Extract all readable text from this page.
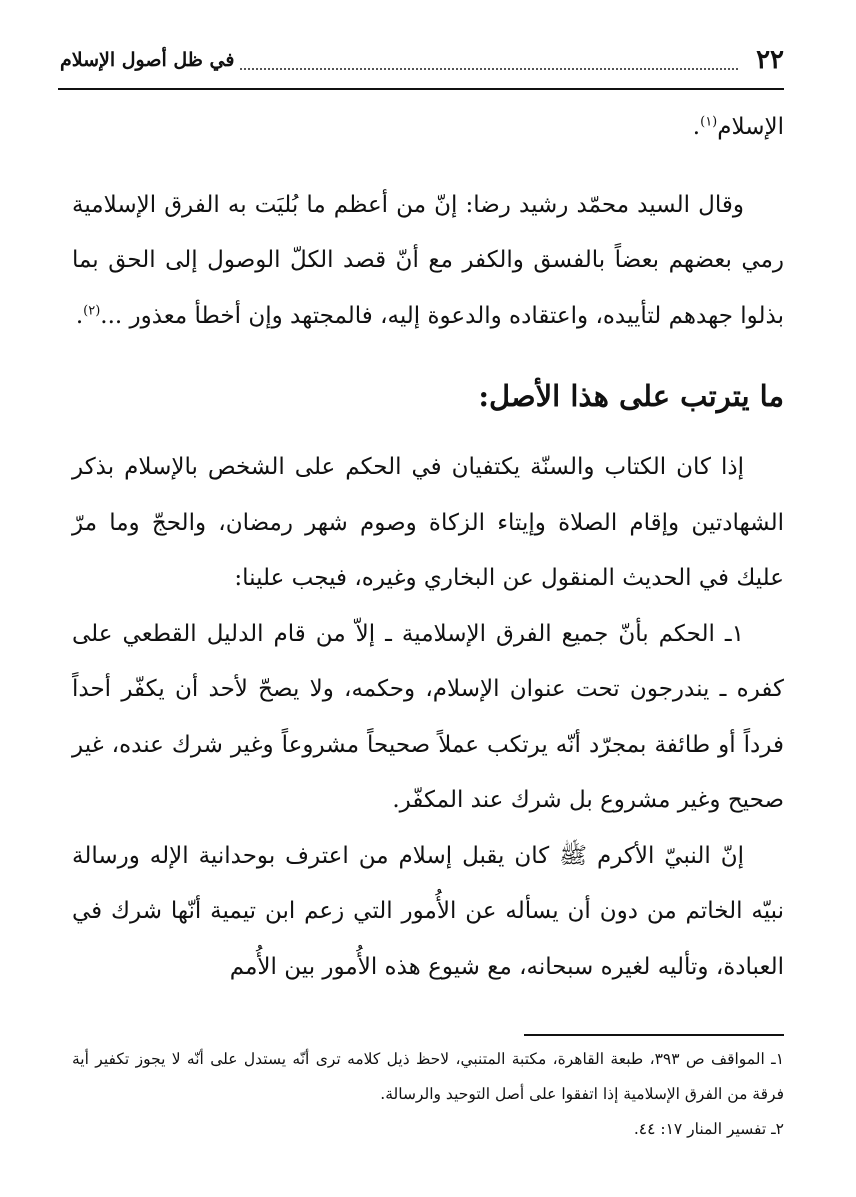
٢٢
في ظل أصول الإسلام

الإسلام$^{(١)}$.

وقال السيد محمّد رشيد رضا: إنّ من أعظم ما بُليَت به الفرق الإسلامية رمي بعضهم بعضاً بالفسق والكفر مع أنّ قصد الكلّ الوصول إلى الحق بما بذلوا جهدهم لتأييده، واعتقاده والدعوة إليه، فالمجتهد وإن أخطأ معذور ...$^{(٢)}$.

ما يترتب على هذا الأصل:

إذا كان الكتاب والسنّة يكتفيان في الحكم على الشخص بالإسلام بذكر الشهادتين وإقام الصلاة وإيتاء الزكاة وصوم شهر رمضان، والحجّ وما مرّ عليك في الحديث المنقول عن البخاري وغيره، فيجب علينا:

١ـ الحكم بأنّ جميع الفرق الإسلامية ـ إلاّ من قام الدليل القطعي على كفره ـ يندرجون تحت عنوان الإسلام، وحكمه، ولا يصحّ لأحد أن يكفّر أحداً فرداً أو طائفة بمجرّد أنّه يرتكب عملاً صحيحاً مشروعاً وغير شرك عنده، غير صحيح وغير مشروع بل شرك عند المكفّر.

إنّ النبيّ الأكرم ﷺ كان يقبل إسلام من اعترف بوحدانية الإله ورسالة نبيّه الخاتم من دون أن يسأله عن الأُمور التي زعم ابن تيمية أنّها شرك في العبادة، وتأليه لغيره سبحانه، مع شيوع هذه الأُمور بين الأُمم

١ـ المواقف ص ٣٩٣، طبعة القاهرة، مكتبة المتنبي، لاحظ ذيل كلامه ترى أنّه يستدل على أنّه لا يجوز تكفير أية فرقة من الفرق الإسلامية إذا اتفقوا على أصل التوحيد والرسالة.

٢ـ تفسير المنار ١٧: ٤٤.
